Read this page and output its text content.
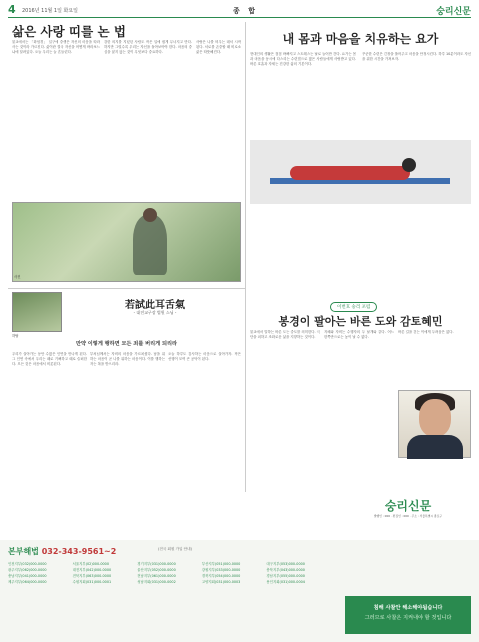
4 2016년 11월 1일 화요일	종 합	숭리신문
삶은 사랑 띠를 논 법

불교에서는 「화엄경」 일구에 중생은 자신의 마음을 따라 사는 것이라 가르친다. 삶이란 결국 자신을 어떻게 바라보느냐에 달려있다. 오늘 우리는 늘 흔들린다.

강한 의지를 지녔던 사람도 작은 일에 쉽게 무너지고 만다. 하지만 그럴수록 우리는 자신을 돌아보아야 한다. 마음의 중심을 잃지 않는 것이 무엇보다 중요하다.

사랑은 나를 비우는 데서 시작된다. 서로를 존중할 때 비로소 삶은 따뜻해진다.

사진
내 몸과 마음을 치유하는 요가

현대인의 생활은 점점 바빠지고 스트레스는 날로 늘어만 간다. 요가는 몸과 마음을 동시에 다스리는 수련법으로 많은 사람들에게 사랑받고 있다. 바른 호흡과 자세는 건강한 삶의 기본이다.

꾸준한 수련은 긴장을 풀어주고 마음을 안정시킨다. 하루 10분이라도 자신을 위한 시간을 가져보자.

하탈
若試此耳舌氣
- 대전교구장 법원 스님 -
만약 이렇게 행하면 모든 죄를 버리게 되리라

우리가 살아가는 동안 수많은 인연을 만나게 된다. 그 인연 속에서 우리는 때로 기뻐하고 때로 슬퍼한다. 모든 것은 마음에서 비롯된다.

부처님께서는 자비의 마음을 가르치셨다. 남을 위하는 마음이 곧 나를 위하는 마음이다. 이를 행하는 자는 복을 받으리라.

오늘 하루도 감사하는 마음으로 살아가자. 작은 선행이 모여 큰 공덕이 된다.

이번호 숭리 포럼
봉경이 팔아는 바른 도와 감토혜민

불교에서 말하는 바른 도는 중도를 의미한다. 극단을 피하고 조화로운 삶을 지향하는 것이다.

지혜와 자비는 수행자의 두 날개와 같다. 어느 한쪽만으로는 높이 날 수 없다.

바른 길을 걷는 이에게 두려움은 없다.

숭리신문
발행인 : 000 · 편집인 : 000 · 주소 : 서울특별시 종로구
본부해법 032-343-9561~2	(전국 회원 가입 안내)
인천지부(032)000-0000	서울지부(02)000-0000	경기지부(031)000-0000	부산지부(051)000-0000	대구지부(053)000-0000
광주지부(062)000-0000	대전지부(042)000-0000	울산지부(052)000-0000	강원지부(033)000-0000	충북지부(043)000-0000
충남지부(041)000-0000	전북지부(063)000-0000	전남지부(061)000-0000	경북지부(054)000-0000	경남지부(055)000-0000
제주지부(064)000-0000	수원지회(031)000-0001	성남지회(031)000-0002	고양지회(031)000-0003	용인지회(031)000-0004
침해 사찰안 해소해야됩습니다
그러므로 사찰은 지켜내야 할 것입니다
